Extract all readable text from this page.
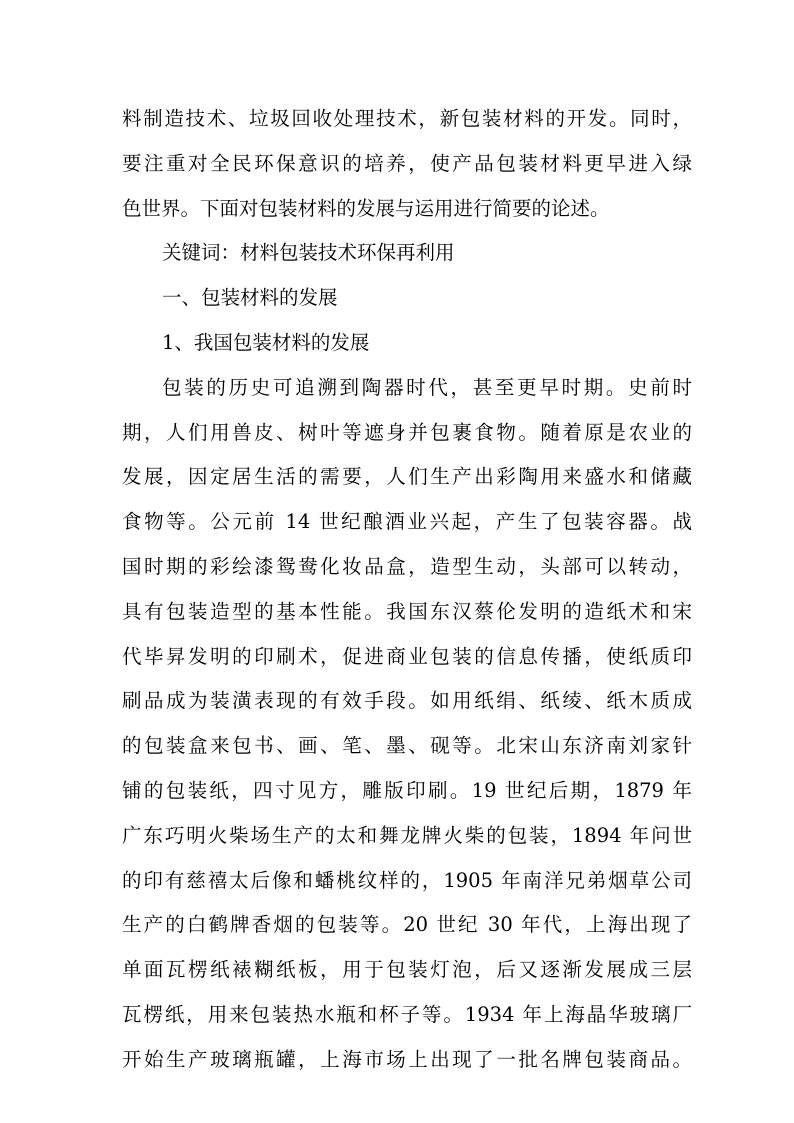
料制造技术、垃圾回收处理技术，新包装材料的开发。同时，
要注重对全民环保意识的培养，使产品包装材料更早进入绿
色世界。下面对包装材料的发展与运用进行简要的论述。
关键词：材料包装技术环保再利用
一、包装材料的发展
1、我国包装材料的发展
包装的历史可追溯到陶器时代，甚至更早时期。史前时
期，人们用兽皮、树叶等遮身并包裹食物。随着原是农业的
发展，因定居生活的需要，人们生产出彩陶用来盛水和储藏
食物等。公元前 14 世纪酿酒业兴起，产生了包装容器。战
国时期的彩绘漆鸳鸯化妆品盒，造型生动，头部可以转动，
具有包装造型的基本性能。我国东汉蔡伦发明的造纸术和宋
代毕昇发明的印刷术，促进商业包装的信息传播，使纸质印
刷品成为装潢表现的有效手段。如用纸绢、纸绫、纸木质成
的包装盒来包书、画、笔、墨、砚等。北宋山东济南刘家针
铺的包装纸，四寸见方，雕版印刷。19 世纪后期，1879 年
广东巧明火柴场生产的太和舞龙牌火柴的包装，1894 年问世
的印有慈禧太后像和蟠桃纹样的，1905 年南洋兄弟烟草公司
生产的白鹤牌香烟的包装等。20 世纪 30 年代，上海出现了
单面瓦楞纸裱糊纸板，用于包装灯泡，后又逐渐发展成三层
瓦楞纸，用来包装热水瓶和杯子等。1934 年上海晶华玻璃厂
开始生产玻璃瓶罐，上海市场上出现了一批名牌包装商品。
